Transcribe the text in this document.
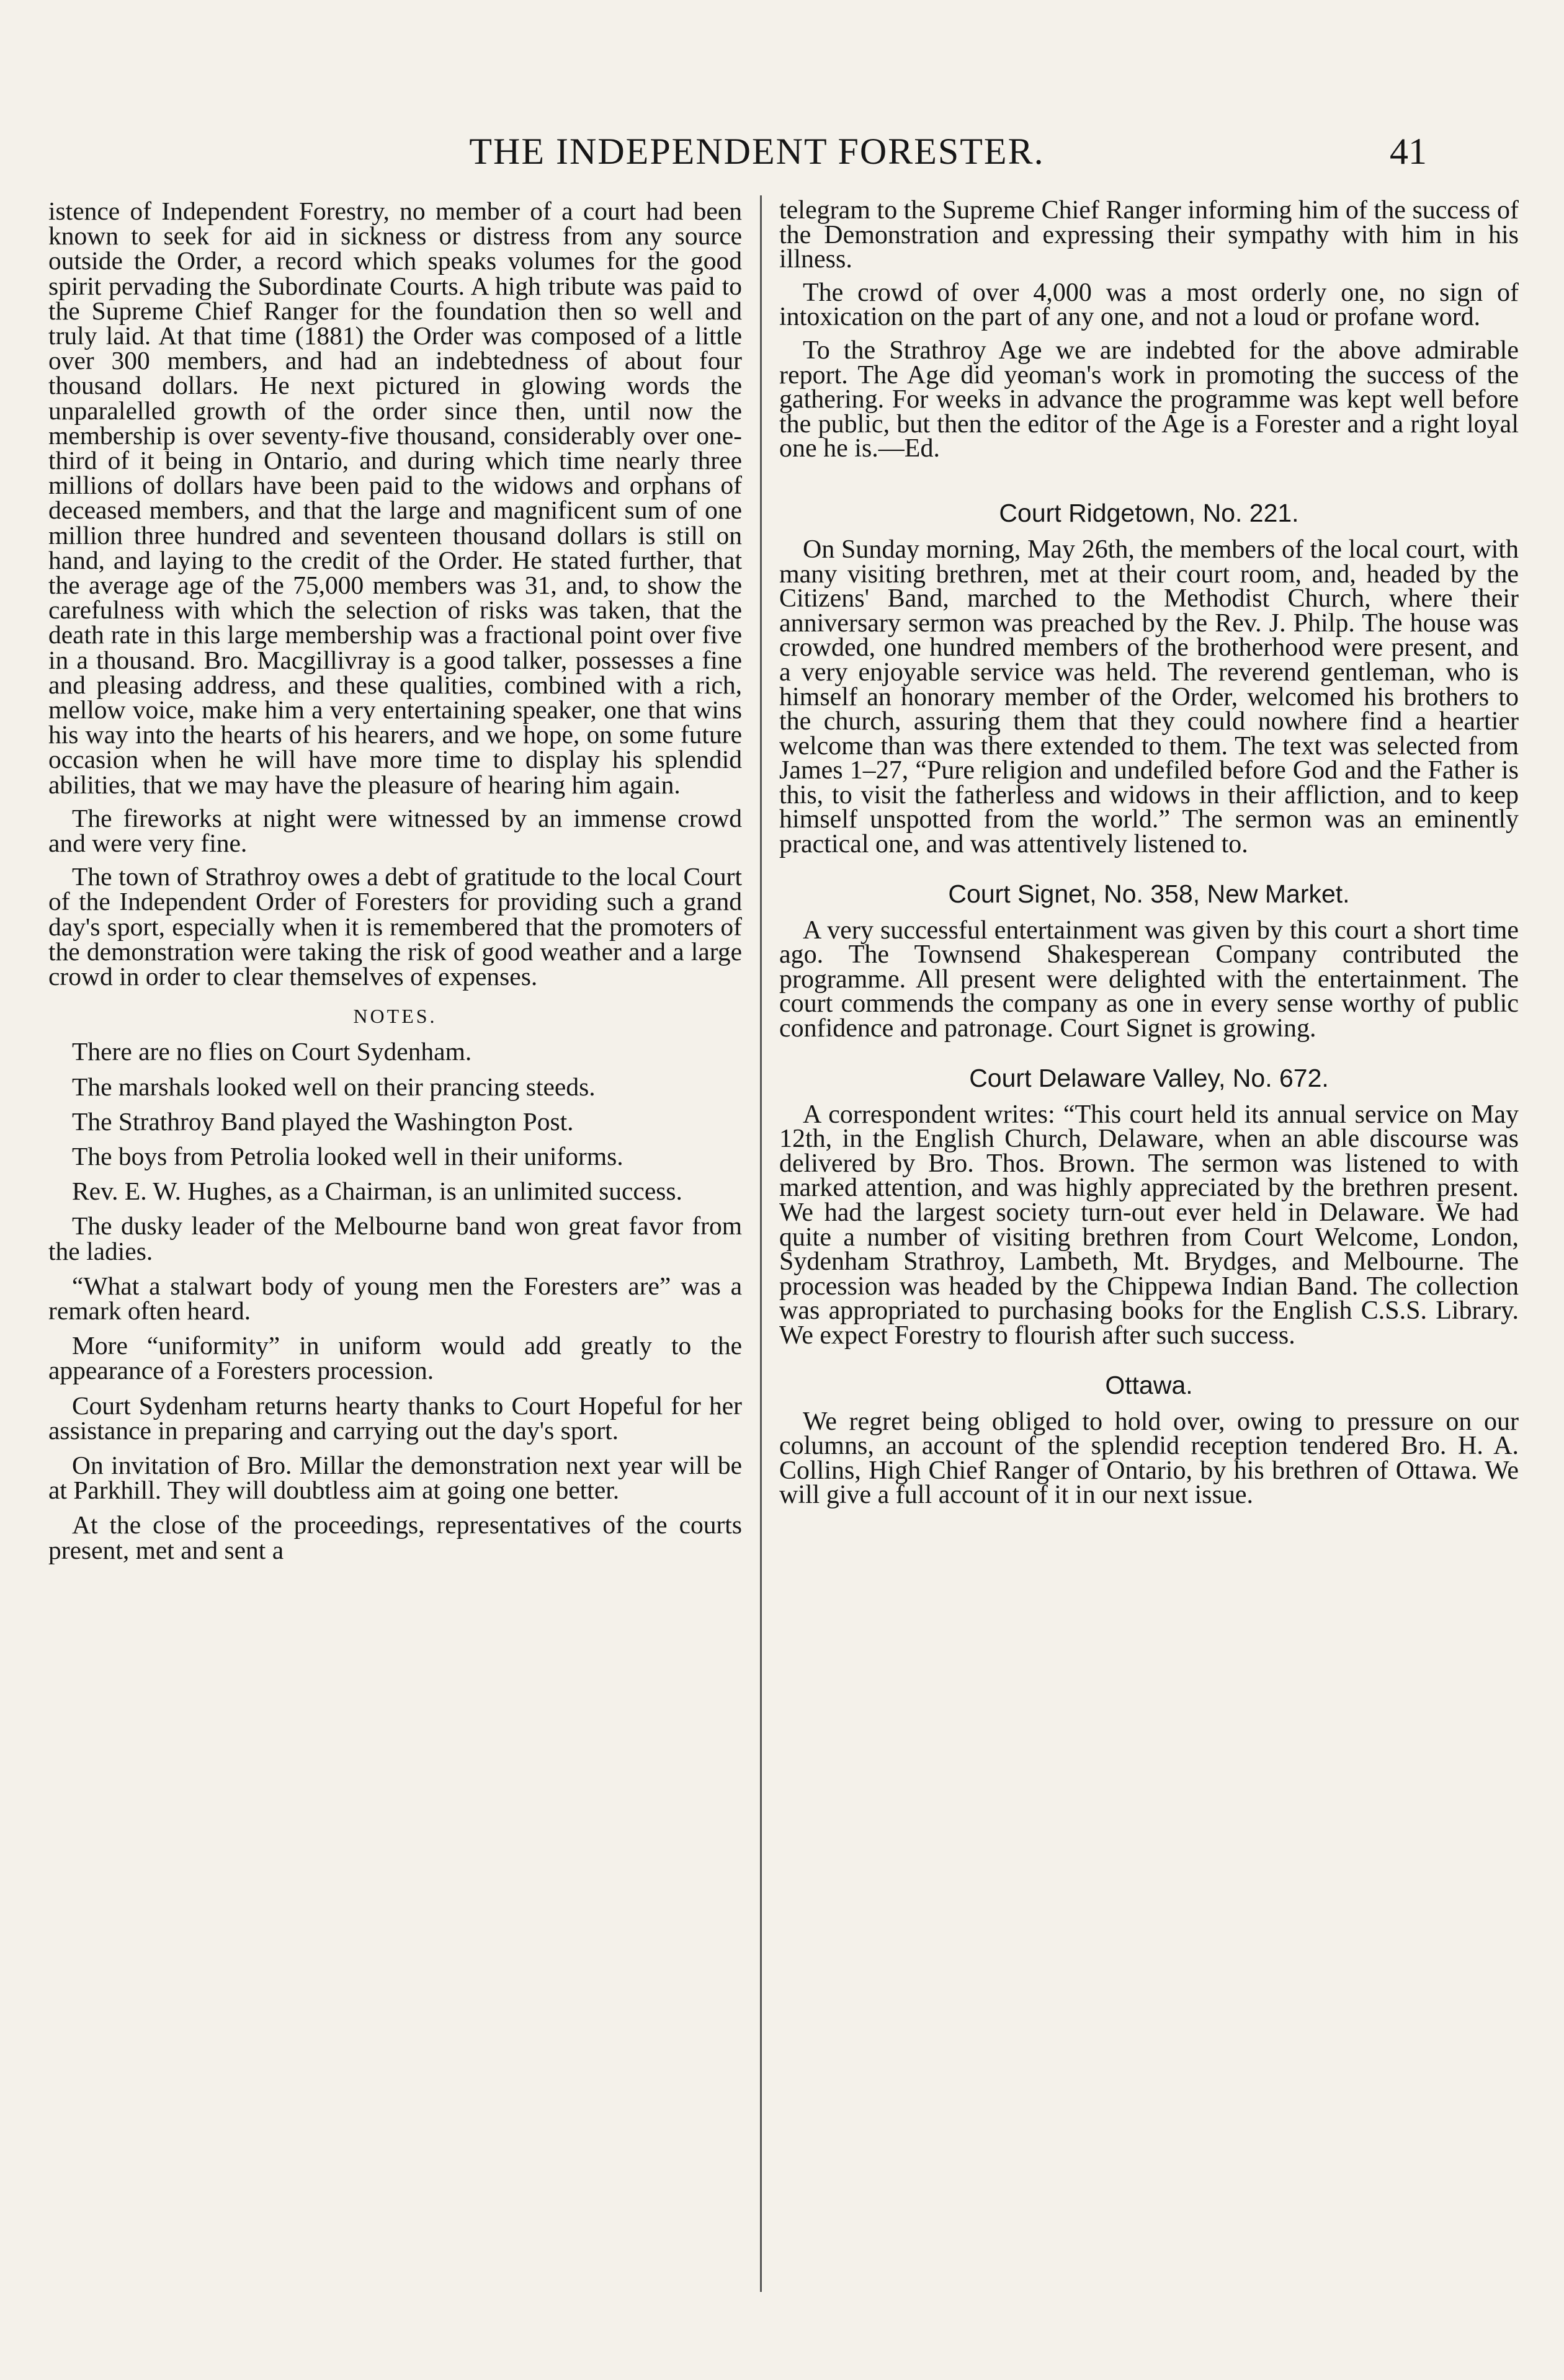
THE INDEPENDENT FORESTER.	41

istence of Independent Forestry, no member of a court had been known to seek for aid in sickness or distress from any source outside the Order, a record which speaks volumes for the good spirit pervading the Subordinate Courts. A high tribute was paid to the Supreme Chief Ranger for the foundation then so well and truly laid. At that time (1881) the Order was composed of a little over 300 members, and had an indebtedness of about four thousand dollars. He next pictured in glowing words the unparalelled growth of the order since then, until now the membership is over seventy-five thousand, considerably over one-third of it being in Ontario, and during which time nearly three millions of dollars have been paid to the widows and orphans of deceased members, and that the large and magnificent sum of one million three hundred and seventeen thousand dollars is still on hand, and laying to the credit of the Order. He stated further, that the average age of the 75,000 members was 31, and, to show the carefulness with which the selection of risks was taken, that the death rate in this large membership was a fractional point over five in a thousand. Bro. Macgillivray is a good talker, possesses a fine and pleasing address, and these qualities, combined with a rich, mellow voice, make him a very entertaining speaker, one that wins his way into the hearts of his hearers, and we hope, on some future occasion when he will have more time to display his splendid abilities, that we may have the pleasure of hearing him again.

The fireworks at night were witnessed by an immense crowd and were very fine.

The town of Strathroy owes a debt of gratitude to the local Court of the Independent Order of Foresters for providing such a grand day's sport, especially when it is remembered that the promoters of the demonstration were taking the risk of good weather and a large crowd in order to clear themselves of expenses.

NOTES.

There are no flies on Court Sydenham.

The marshals looked well on their prancing steeds.

The Strathroy Band played the Washington Post.

The boys from Petrolia looked well in their uniforms.

Rev. E. W. Hughes, as a Chairman, is an unlimited success.

The dusky leader of the Melbourne band won great favor from the ladies.

“What a stalwart body of young men the Foresters are” was a remark often heard.

More “uniformity” in uniform would add greatly to the appearance of a Foresters procession.

Court Sydenham returns hearty thanks to Court Hopeful for her assistance in preparing and carrying out the day's sport.

On invitation of Bro. Millar the demonstration next year will be at Parkhill. They will doubtless aim at going one better.

At the close of the proceedings, representatives of the courts present, met and sent a

telegram to the Supreme Chief Ranger informing him of the success of the Demonstration and expressing their sympathy with him in his illness.

The crowd of over 4,000 was a most orderly one, no sign of intoxication on the part of any one, and not a loud or profane word.

To the Strathroy Age we are indebted for the above admirable report. The Age did yeoman's work in promoting the success of the gathering. For weeks in advance the programme was kept well before the public, but then the editor of the Age is a Forester and a right loyal one he is.—Ed.

Court Ridgetown, No. 221.

On Sunday morning, May 26th, the members of the local court, with many visiting brethren, met at their court room, and, headed by the Citizens' Band, marched to the Methodist Church, where their anniversary sermon was preached by the Rev. J. Philp. The house was crowded, one hundred members of the brotherhood were present, and a very enjoyable service was held. The reverend gentleman, who is himself an honorary member of the Order, welcomed his brothers to the church, assuring them that they could nowhere find a heartier welcome than was there extended to them. The text was selected from James 1–27, “Pure religion and undefiled before God and the Father is this, to visit the fatherless and widows in their affliction, and to keep himself unspotted from the world.” The sermon was an eminently practical one, and was attentively listened to.

Court Signet, No. 358, New Market.

A very successful entertainment was given by this court a short time ago. The Townsend Shakesperean Company contributed the programme. All present were delighted with the entertainment. The court commends the company as one in every sense worthy of public confidence and patronage. Court Signet is growing.

Court Delaware Valley, No. 672.

A correspondent writes: “This court held its annual service on May 12th, in the English Church, Delaware, when an able discourse was delivered by Bro. Thos. Brown. The sermon was listened to with marked attention, and was highly appreciated by the brethren present. We had the largest society turn-out ever held in Delaware. We had quite a number of visiting brethren from Court Welcome, London, Sydenham Strathroy, Lambeth, Mt. Brydges, and Melbourne. The procession was headed by the Chippewa Indian Band. The collection was appropriated to purchasing books for the English C.S.S. Library. We expect Forestry to flourish after such success.

Ottawa.

We regret being obliged to hold over, owing to pressure on our columns, an account of the splendid reception tendered Bro. H. A. Collins, High Chief Ranger of Ontario, by his brethren of Ottawa. We will give a full account of it in our next issue.
